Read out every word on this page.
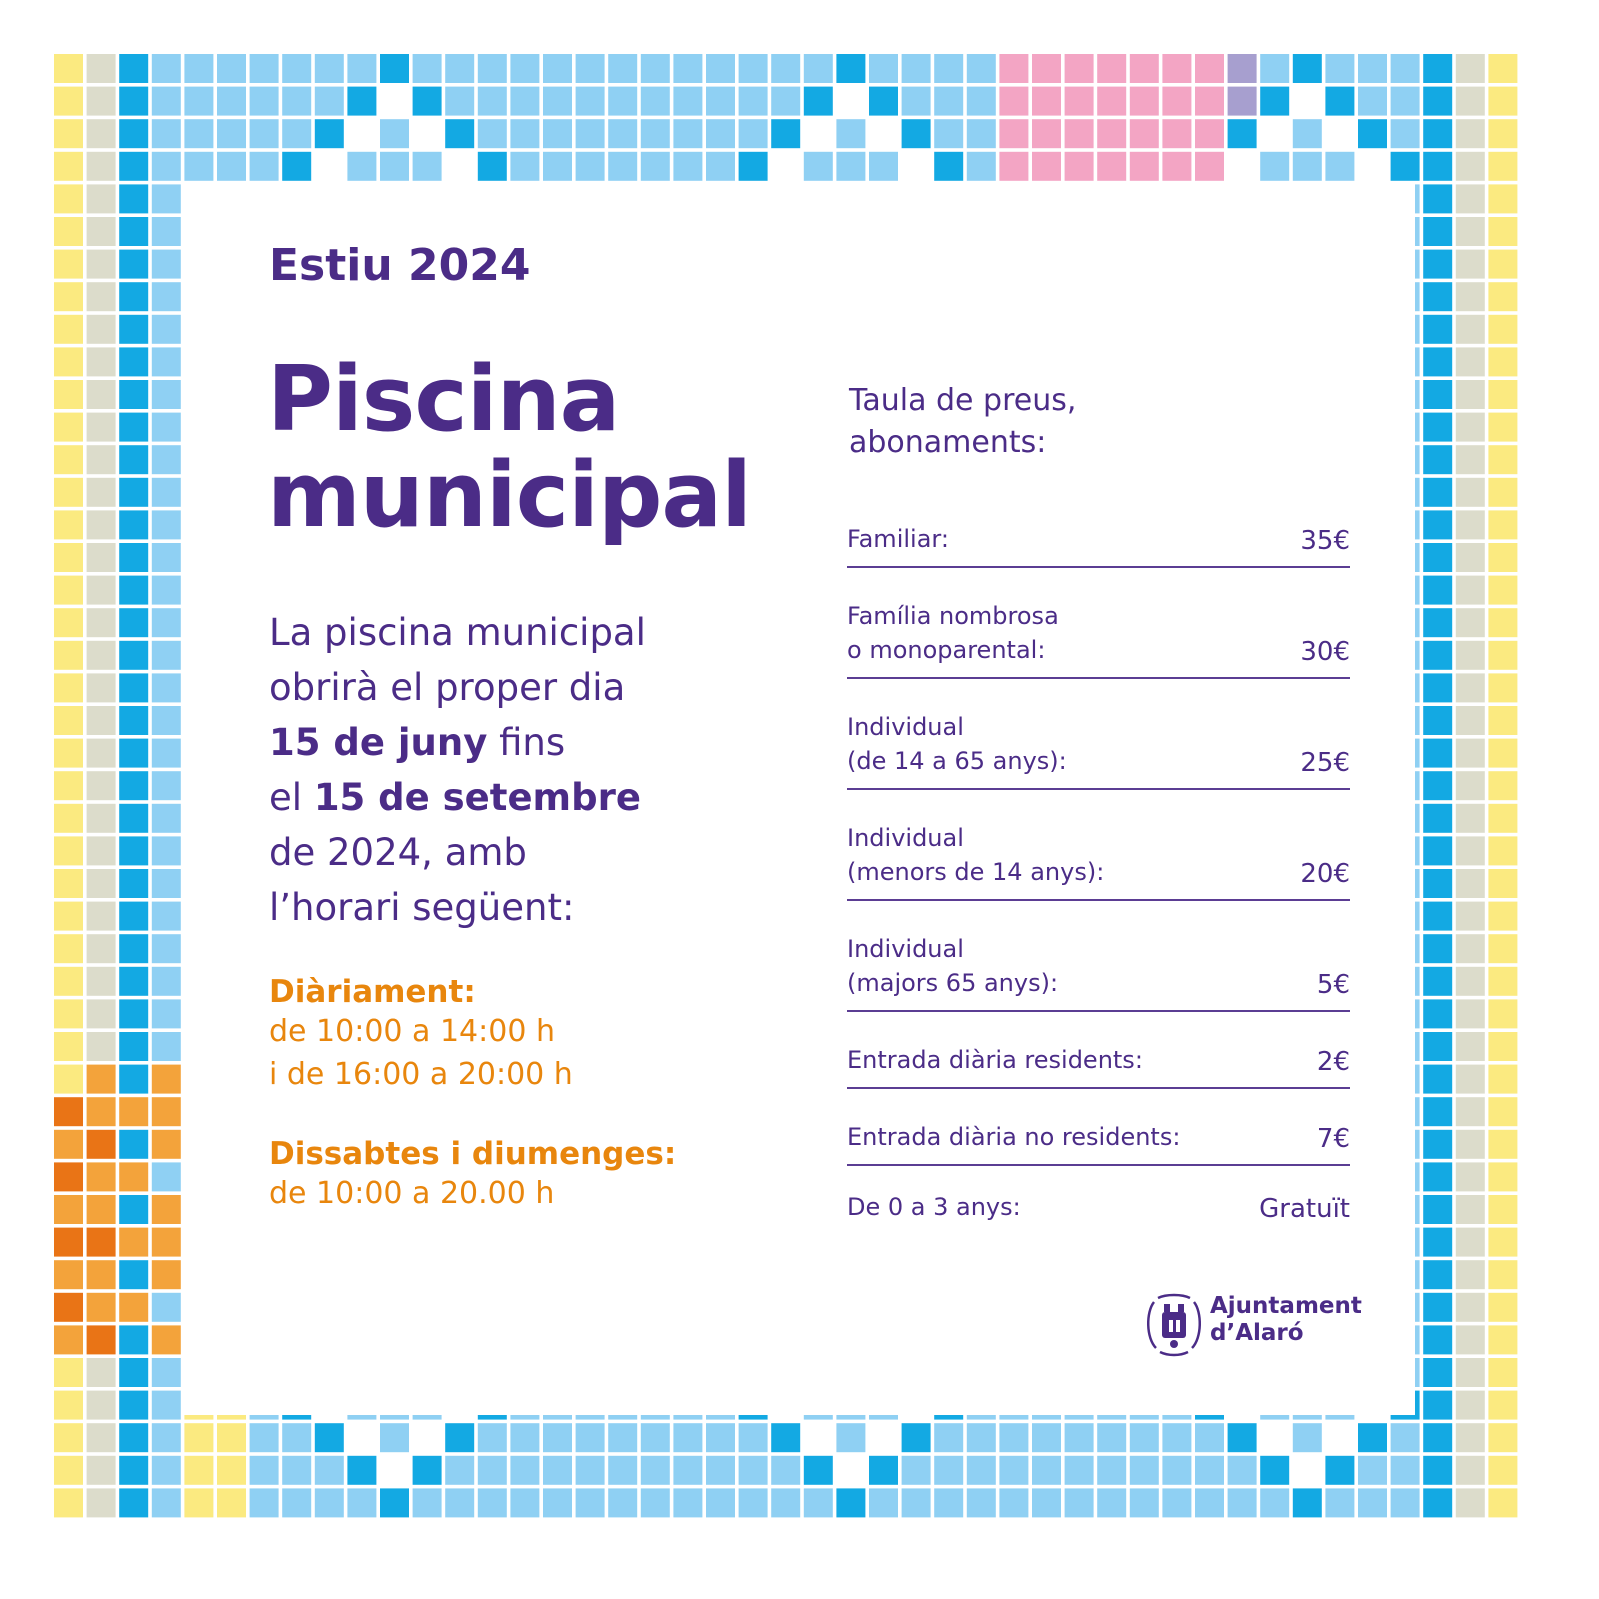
Estiu 2024
Piscina
municipal
La piscina municipal
obrirà el proper dia
15 de juny fins
el 15 de setembre
de 2024, amb
l’horari següent:
Diàriament:
de 10:00 a 14:00 h
i de 16:00 a 20:00 h
Dissabtes i diumenges:
de 10:00 a 20.00 h
Taula de preus,
abonaments:
Familiar:	35€
Família nombrosa
o monoparental:	30€
Individual
(de 14 a 65 anys):	25€
Individual
(menors de 14 anys):	20€
Individual
(majors 65 anys):	5€
Entrada diària residents:	2€
Entrada diària no residents:	7€
De 0 a 3 anys:	Gratuït
Ajuntament
d’Alaró
